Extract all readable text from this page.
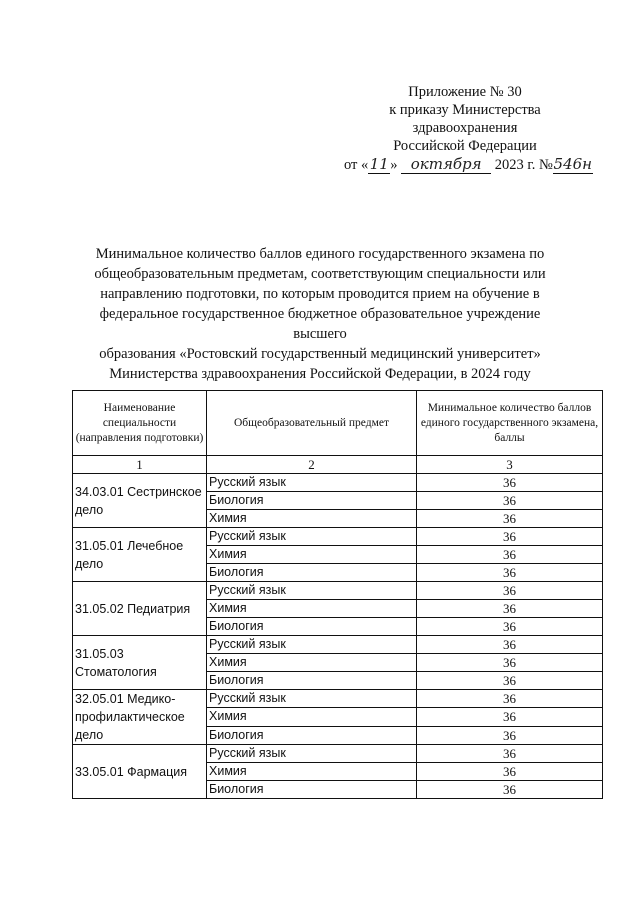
Приложение № 30
к приказу Министерства
здравоохранения
Российской Федерации
от «11» октября 2023 г. №546н
Минимальное количество баллов единого государственного экзамена по
общеобразовательным предметам, соответствующим специальности или
направлению подготовки, по которым проводится прием на обучение в
федеральное государственное бюджетное образовательное учреждение высшего
образования «Ростовский государственный медицинский университет»
Министерства здравоохранения Российской Федерации, в 2024 году
Наименование специальности (направления подготовки)	Общеобразовательный предмет	Минимальное количество баллов единого государственного экзамена, баллы
1	2	3
34.03.01 Сестринское дело	Русский язык	36
	Биология	36
	Химия	36
31.05.01 Лечебное дело	Русский язык	36
	Химия	36
	Биология	36
31.05.02 Педиатрия	Русский язык	36
	Химия	36
	Биология	36
31.05.03 Стоматология	Русский язык	36
	Химия	36
	Биология	36
32.05.01 Медико-профилактическое дело	Русский язык	36
	Химия	36
	Биология	36
33.05.01 Фармация	Русский язык	36
	Химия	36
	Биология	36
